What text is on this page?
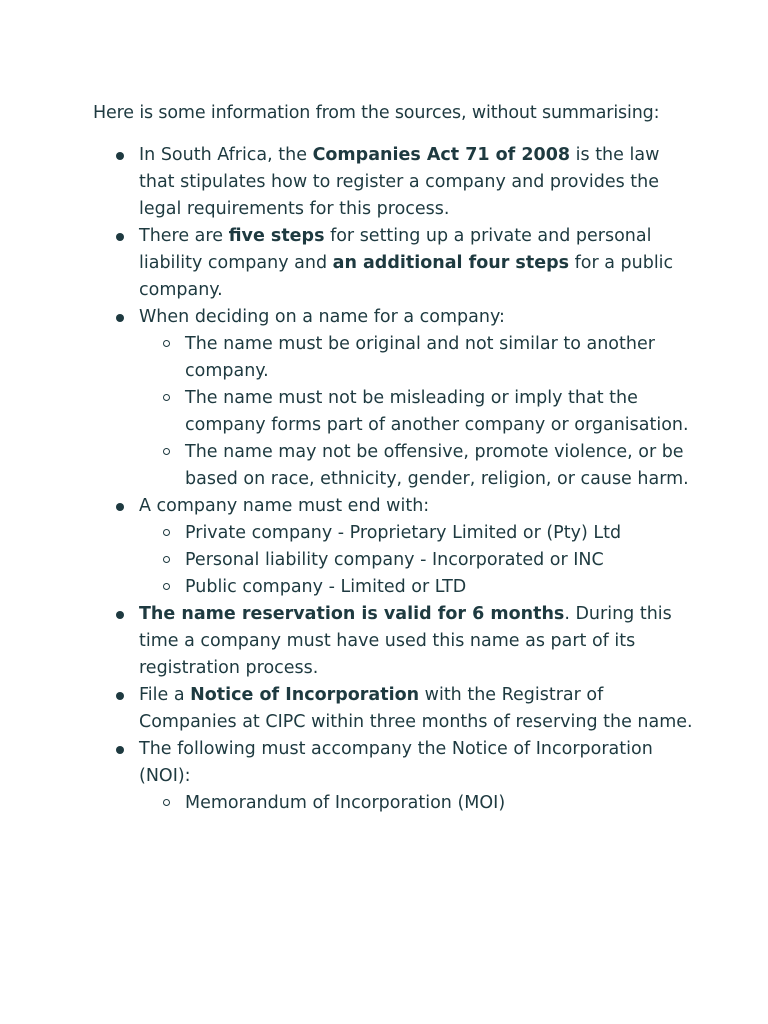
Here is some information from the sources, without summarising:

In South Africa, the Companies Act 71 of 2008 is the law that stipulates how to register a company and provides the legal requirements for this process.
There are five steps for setting up a private and personal liability company and an additional four steps for a public company.
When deciding on a name for a company:
The name must be original and not similar to another company.
The name must not be misleading or imply that the company forms part of another company or organisation.
The name may not be offensive, promote violence, or be based on race, ethnicity, gender, religion, or cause harm.
A company name must end with:
Private company - Proprietary Limited or (Pty) Ltd
Personal liability company - Incorporated or INC
Public company - Limited or LTD
The name reservation is valid for 6 months. During this time a company must have used this name as part of its registration process.
File a Notice of Incorporation with the Registrar of Companies at CIPC within three months of reserving the name.
The following must accompany the Notice of Incorporation (NOI):
Memorandum of Incorporation (MOI)
